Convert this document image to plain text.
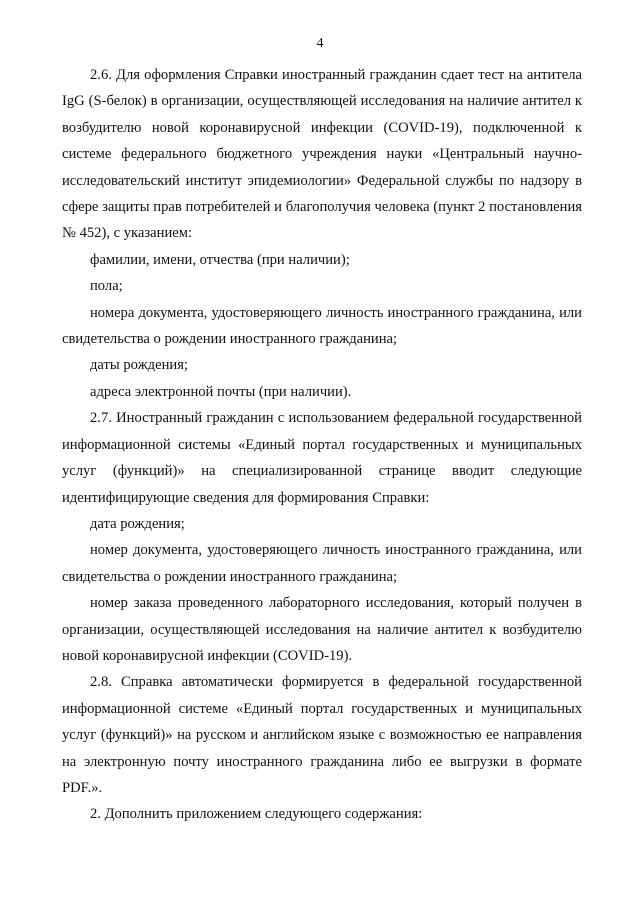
4

2.6. Для оформления Справки иностранный гражданин сдает тест на антитела IgG (S-белок) в организации, осуществляющей исследования на наличие антител к возбудителю новой коронавирусной инфекции (COVID-19), подключенной к системе федерального бюджетного учреждения науки «Центральный научно-исследовательский институт эпидемиологии» Федеральной службы по надзору в сфере защиты прав потребителей и благополучия человека (пункт 2 постановления № 452), с указанием:

фамилии, имени, отчества (при наличии);

пола;

номера документа, удостоверяющего личность иностранного гражданина, или свидетельства о рождении иностранного гражданина;

даты рождения;

адреса электронной почты (при наличии).

2.7. Иностранный гражданин с использованием федеральной государственной информационной системы «Единый портал государственных и муниципальных услуг (функций)» на специализированной странице вводит следующие идентифицирующие сведения для формирования Справки:

дата рождения;

номер документа, удостоверяющего личность иностранного гражданина, или свидетельства о рождении иностранного гражданина;

номер заказа проведенного лабораторного исследования, который получен в организации, осуществляющей исследования на наличие антител к возбудителю новой коронавирусной инфекции (COVID-19).

2.8. Справка автоматически формируется в федеральной государственной информационной системе «Единый портал государственных и муниципальных услуг (функций)» на русском и английском языке с возможностью ее направления на электронную почту иностранного гражданина либо ее выгрузки в формате PDF.».

2. Дополнить приложением следующего содержания:
